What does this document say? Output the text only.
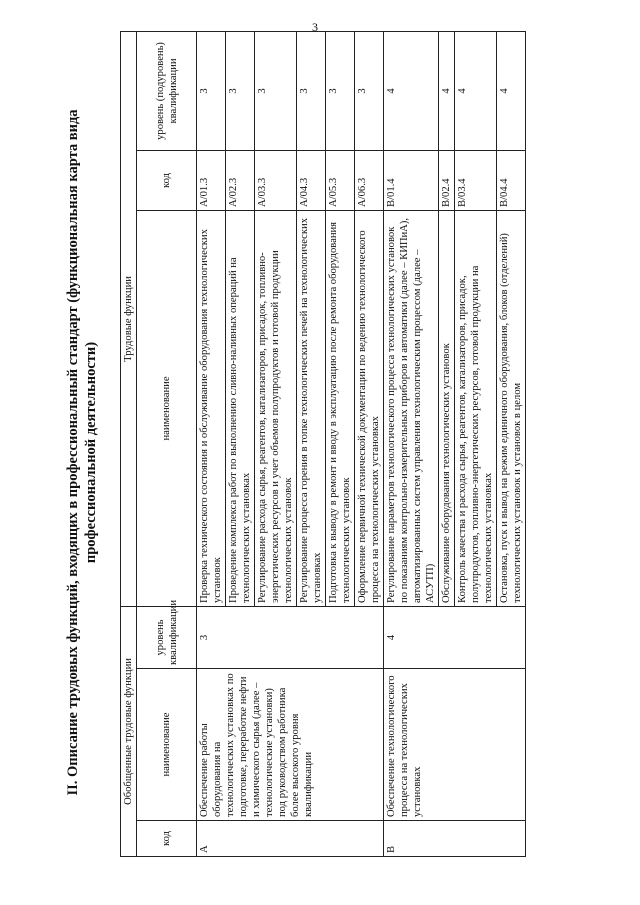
3
II. Описание трудовых функций, входящих в профессиональный стандарт (функциональная карта вида профессиональной деятельности)
Обобщенные трудовые функции			Трудовые функции		
код	наименование	уровень квалификации	наименование	код	уровень (подуровень) квалификации
А	Обеспечение работы оборудования на технологических установках по подготовке, переработке нефти и химического сырья (далее – технологические установки) под руководством работника более высокого уровня квалификации	3	Проверка технического состояния и обслуживание оборудования технологических установок	А/01.3	3
			Проведение комплекса работ по выполнению сливно-наливных операций на технологических установках	А/02.3	3
			Регулирование расхода сырья, реагентов, катализаторов, присадок, топливно-энергетических ресурсов и учет объемов полупродуктов и готовой продукции технологических установок	А/03.3	3
			Регулирование процесса горения в топке технологических печей на технологических установках	А/04.3	3
			Подготовка к выводу в ремонт и вводу в эксплуатацию после ремонта оборудования технологических установок	А/05.3	3
			Оформление первичной технической документации по ведению технологического процесса на технологических установках	А/06.3	3
В	Обеспечение технологического процесса на технологических установках	4	Регулирование параметров технологического процесса технологических установок по показаниям контрольно-измерительных приборов и автоматики (далее – КИПиА), автоматизированных систем управления технологическим процессом (далее – АСУТП)	В/01.4	4
			Обслуживание оборудования технологических установок	В/02.4	4
			Контроль качества и расхода сырья, реагентов, катализаторов, присадок, полупродуктов, топливно-энергетических ресурсов, готовой продукции на технологических установках	В/03.4	4
			Остановка, пуск и вывод на режим единичного оборудования, блоков (отделений) технологических установок и установок в целом	В/04.4	4
